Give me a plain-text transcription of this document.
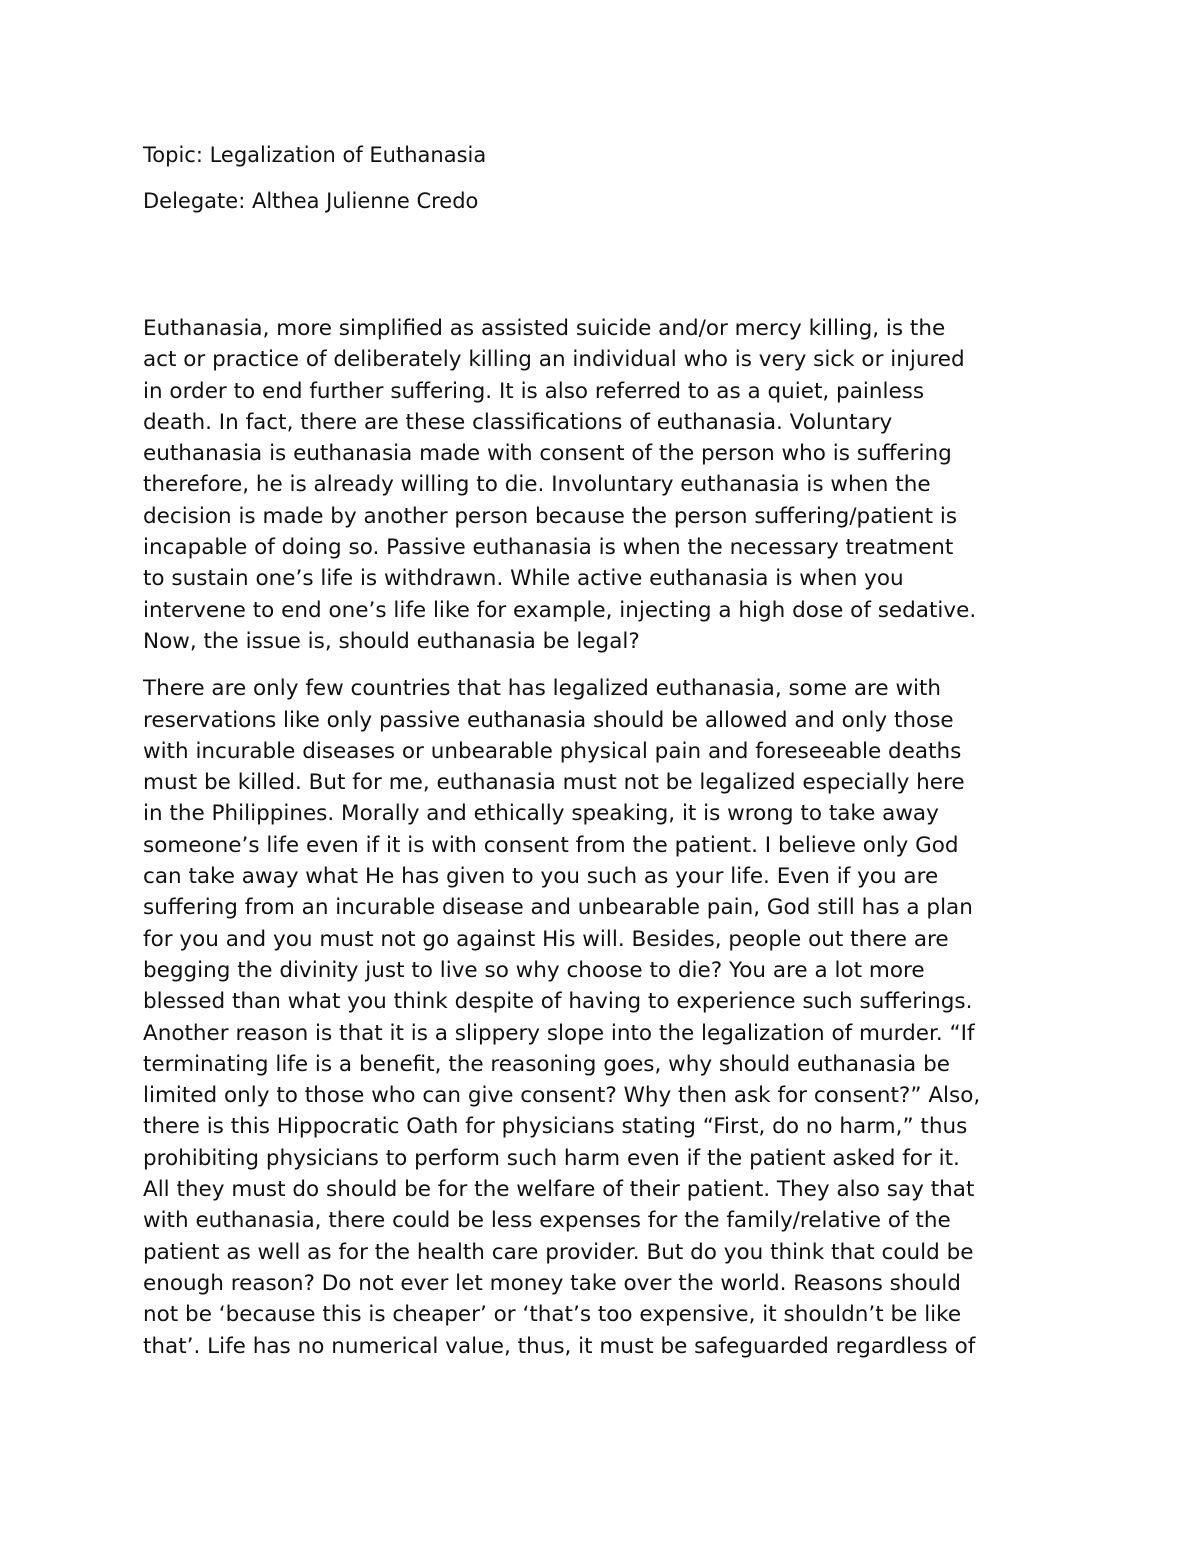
Topic: Legalization of Euthanasia
Delegate: Althea Julienne Credo
Euthanasia, more simplified as assisted suicide and/or mercy killing, is the
act or practice of deliberately killing an individual who is very sick or injured
in order to end further suffering. It is also referred to as a quiet, painless
death. In fact, there are these classifications of euthanasia. Voluntary
euthanasia is euthanasia made with consent of the person who is suffering
therefore, he is already willing to die. Involuntary euthanasia is when the
decision is made by another person because the person suffering/patient is
incapable of doing so. Passive euthanasia is when the necessary treatment
to sustain one’s life is withdrawn. While active euthanasia is when you
intervene to end one’s life like for example, injecting a high dose of sedative.
Now, the issue is, should euthanasia be legal?
There are only few countries that has legalized euthanasia, some are with
reservations like only passive euthanasia should be allowed and only those
with incurable diseases or unbearable physical pain and foreseeable deaths
must be killed. But for me, euthanasia must not be legalized especially here
in the Philippines. Morally and ethically speaking, it is wrong to take away
someone’s life even if it is with consent from the patient. I believe only God
can take away what He has given to you such as your life. Even if you are
suffering from an incurable disease and unbearable pain, God still has a plan
for you and you must not go against His will. Besides, people out there are
begging the divinity just to live so why choose to die? You are a lot more
blessed than what you think despite of having to experience such sufferings.
Another reason is that it is a slippery slope into the legalization of murder. “If
terminating life is a benefit, the reasoning goes, why should euthanasia be
limited only to those who can give consent? Why then ask for consent?” Also,
there is this Hippocratic Oath for physicians stating “First, do no harm,” thus
prohibiting physicians to perform such harm even if the patient asked for it.
All they must do should be for the welfare of their patient. They also say that
with euthanasia, there could be less expenses for the family/relative of the
patient as well as for the health care provider. But do you think that could be
enough reason? Do not ever let money take over the world. Reasons should
not be ‘because this is cheaper’ or ‘that’s too expensive, it shouldn’t be like
that’. Life has no numerical value, thus, it must be safeguarded regardless of
